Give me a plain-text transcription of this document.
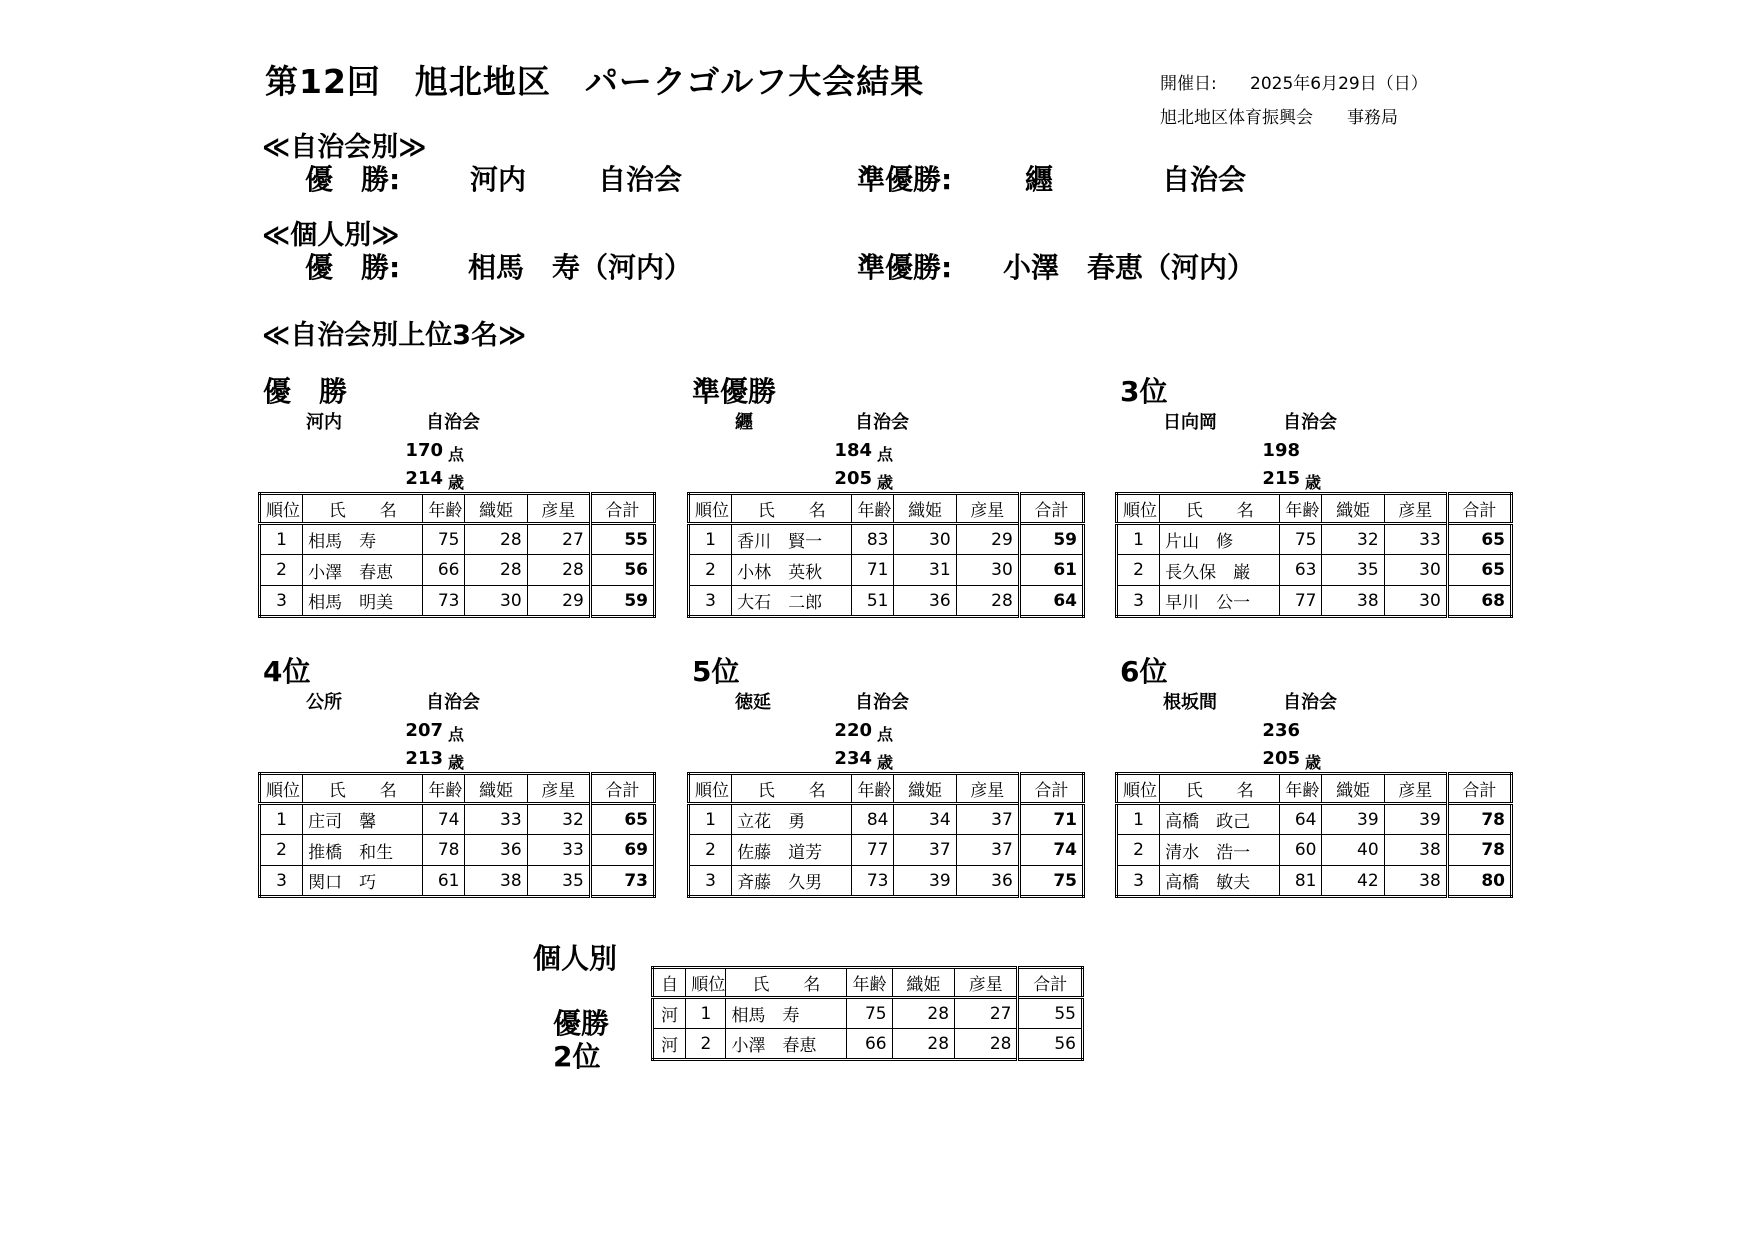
第12回　旭北地区　パークゴルフ大会結果	開催日: 2025年6月29日（日）
旭北地区体育振興会　　事務局
≪自治会別≫
優　勝: 河内	自治会	準優勝:	纒	自治会
≪個人別≫
優　勝: 相馬　寿（河内）	準優勝: 小澤　春恵（河内）
≪自治会別上位3名≫
優　勝
河内	自治会
170 点
214 歳
順位	氏　　名	年齢	織姫	彦星	合計
1	相馬　寿	75	28	27	55
2	小澤　春恵	66	28	28	56
3	相馬　明美	73	30	29	59
準優勝
纒	自治会
184 点
205 歳
順位	氏　　名	年齢	織姫	彦星	合計
1	香川　賢一	83	30	29	59
2	小林　英秋	71	31	30	61
3	大石　二郎	51	36	28	64
3位
日向岡	自治会
198
215 歳
順位	氏　　名	年齢	織姫	彦星	合計
1	片山　修	75	32	33	65
2	長久保　巌	63	35	30	65
3	早川　公一	77	38	30	68
4位
公所	自治会
207 点
213 歳
順位	氏　　名	年齢	織姫	彦星	合計
1	庄司　馨	74	33	32	65
2	推橋　和生	78	36	33	69
3	関口　巧	61	38	35	73
5位
徳延	自治会
220 点
234 歳
順位	氏　　名	年齢	織姫	彦星	合計
1	立花　勇	84	34	37	71
2	佐藤　道芳	77	37	37	74
3	斉藤　久男	73	39	36	75
6位
根坂間	自治会
236
205 歳
順位	氏　　名	年齢	織姫	彦星	合計
1	高橋　政己	64	39	39	78
2	清水　浩一	60	40	38	78
3	高橋　敏夫	81	42	38	80
個人別
優勝
2位
自	順位	氏　　名	年齢	織姫	彦星	合計
河	1	相馬　寿	75	28	27	55
河	2	小澤　春恵	66	28	28	56
